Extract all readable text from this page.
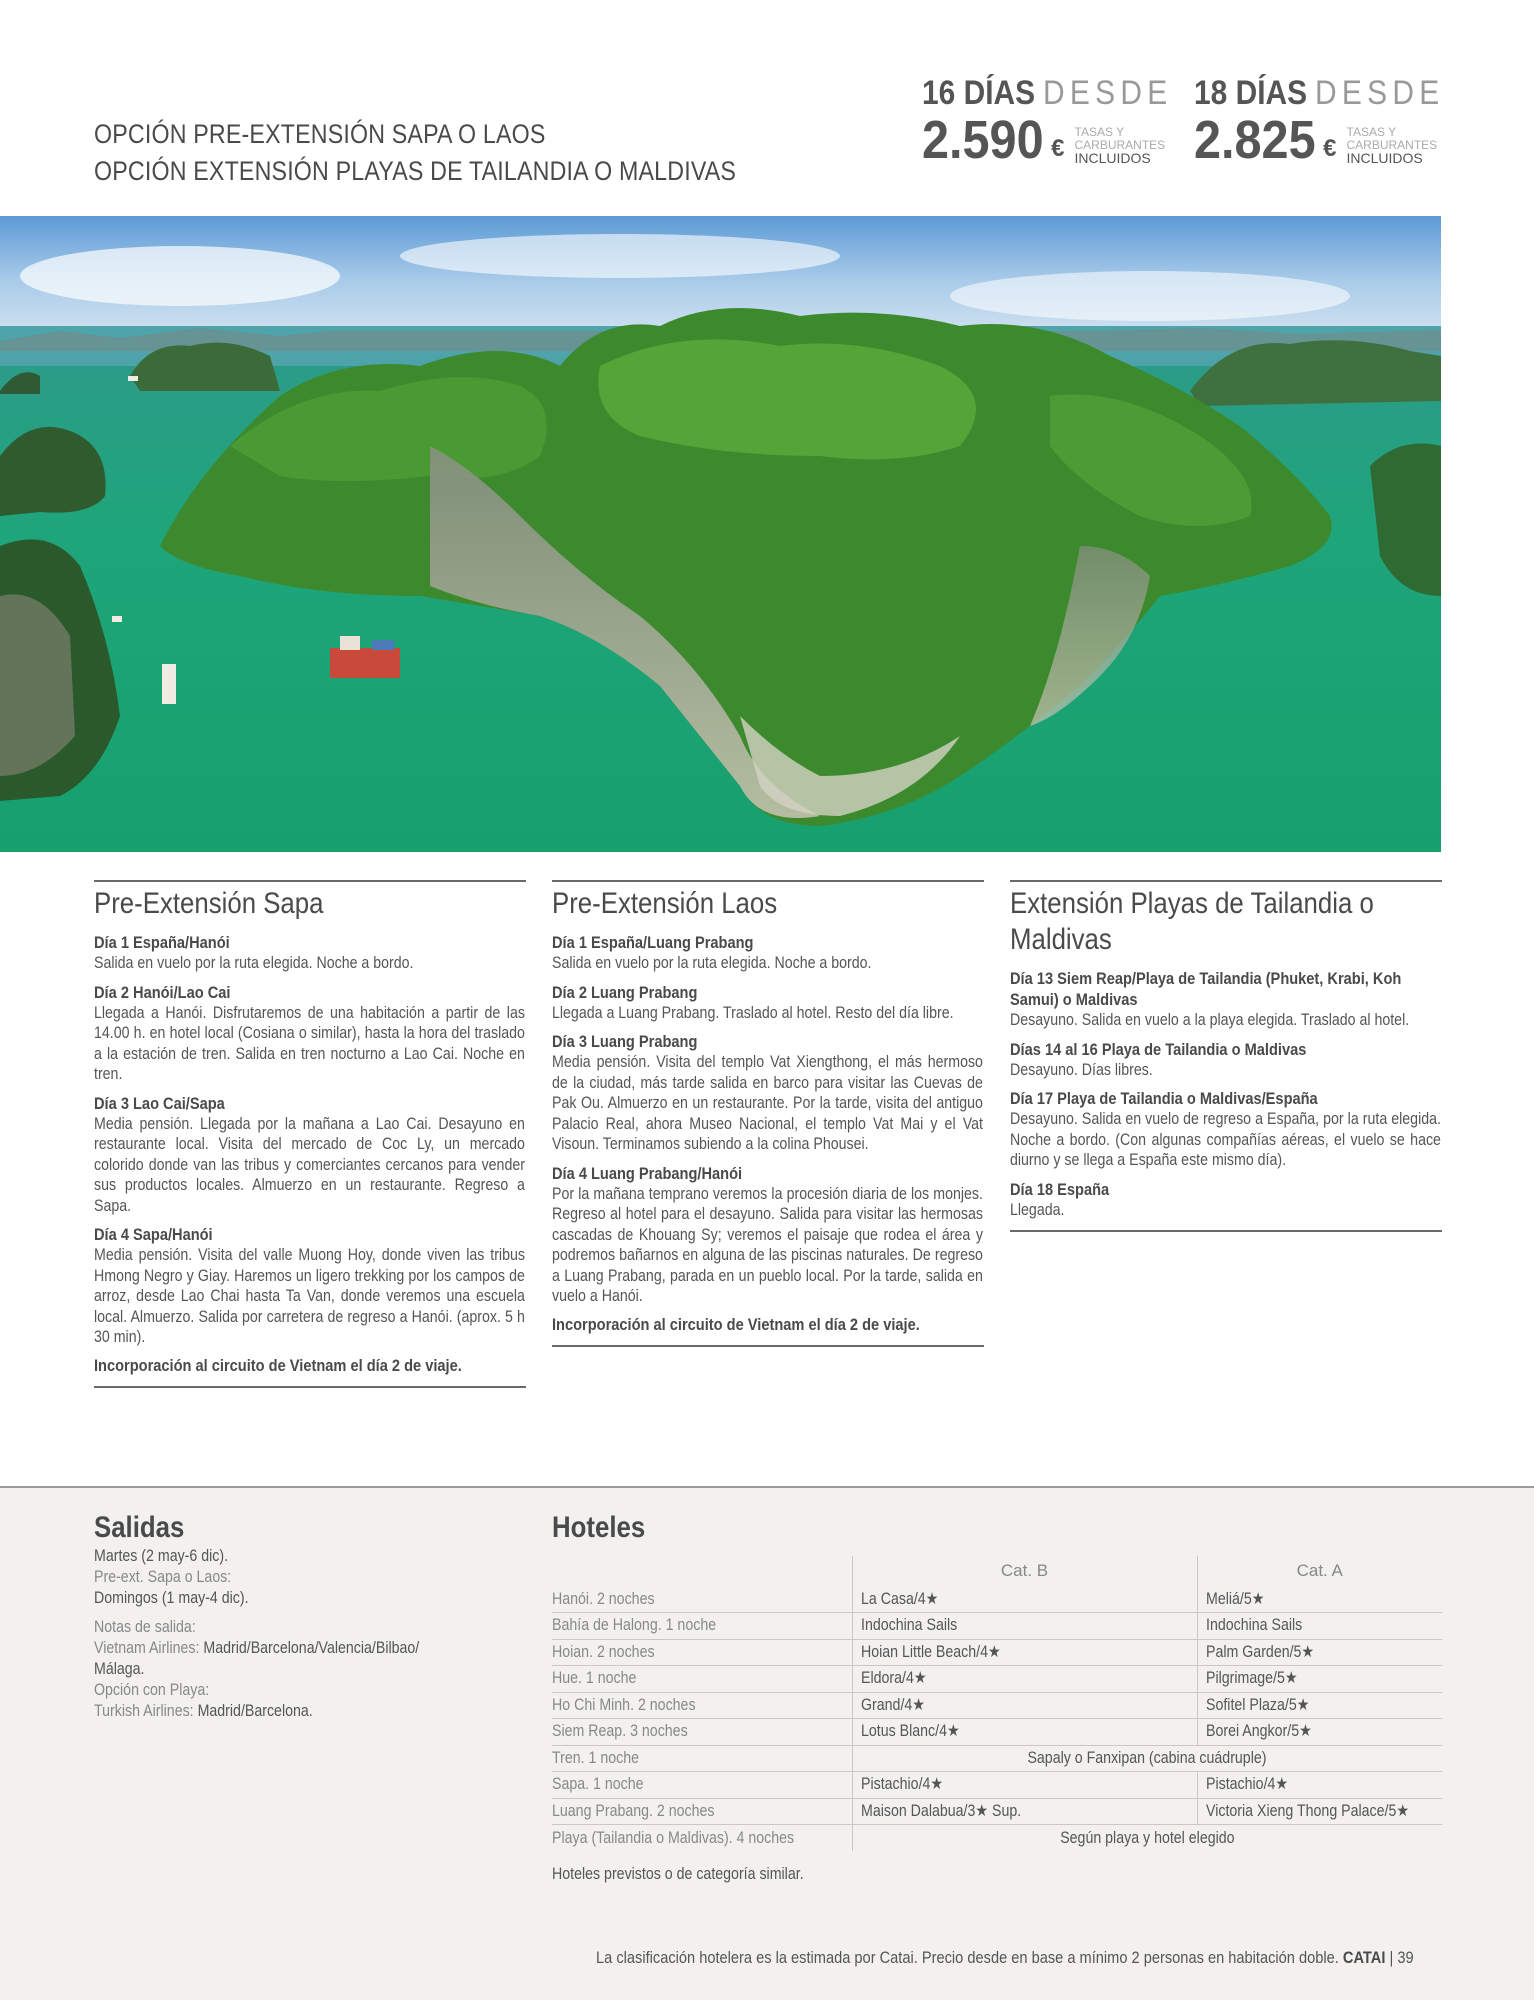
OPCIÓN PRE-EXTENSIÓN SAPA O LAOS
OPCIÓN EXTENSIÓN PLAYAS DE TAILANDIA O MALDIVAS
16 DÍAS DESDE
2.590 €
TASAS Y
CARBURANTES
INCLUIDOS
18 DÍAS DESDE
2.825 €
TASAS Y
CARBURANTES
INCLUIDOS
Pre-Extensión Sapa
Día 1 España/Hanói
Salida en vuelo por la ruta elegida. Noche a bordo.
Día 2 Hanói/Lao Cai
Llegada a Hanói. Disfrutaremos de una habitación a partir de las 14.00 h. en hotel local (Cosiana o similar), hasta la hora del traslado a la estación de tren. Salida en tren nocturno a Lao Cai. Noche en tren.
Día 3 Lao Cai/Sapa
Media pensión. Llegada por la mañana a Lao Cai. Desayuno en restaurante local. Visita del mercado de Coc Ly, un mercado colorido donde van las tribus y comerciantes cercanos para vender sus productos locales. Almuerzo en un restaurante. Regreso a Sapa.
Día 4 Sapa/Hanói
Media pensión. Visita del valle Muong Hoy, donde viven las tribus Hmong Negro y Giay. Haremos un ligero trekking por los campos de arroz, desde Lao Chai hasta Ta Van, donde veremos una escuela local. Almuerzo. Salida por carretera de regreso a Hanói. (aprox. 5 h 30 min).
Incorporación al circuito de Vietnam el día 2 de viaje.
Pre-Extensión Laos
Día 1 España/Luang Prabang
Salida en vuelo por la ruta elegida. Noche a bordo.
Día 2 Luang Prabang
Llegada a Luang Prabang. Traslado al hotel. Resto del día libre.
Día 3 Luang Prabang
Media pensión. Visita del templo Vat Xiengthong, el más hermoso de la ciudad, más tarde salida en barco para visitar las Cuevas de Pak Ou. Almuerzo en un restaurante. Por la tarde, visita del antiguo Palacio Real, ahora Museo Nacional, el templo Vat Mai y el Vat Visoun. Terminamos subiendo a la colina Phousei.
Día 4 Luang Prabang/Hanói
Por la mañana temprano veremos la procesión diaria de los monjes. Regreso al hotel para el desayuno. Salida para visitar las hermosas cascadas de Khouang Sy; veremos el paisaje que rodea el área y podremos bañarnos en alguna de las piscinas naturales. De regreso a Luang Prabang, parada en un pueblo local. Por la tarde, salida en vuelo a Hanói.
Incorporación al circuito de Vietnam el día 2 de viaje.
Extensión Playas de Tailandia o Maldivas
Día 13 Siem Reap/Playa de Tailandia (Phuket, Krabi, Koh Samui) o Maldivas
Desayuno. Salida en vuelo a la playa elegida. Traslado al hotel.
Días 14 al 16 Playa de Tailandia o Maldivas
Desayuno. Días libres.
Día 17 Playa de Tailandia o Maldivas/España
Desayuno. Salida en vuelo de regreso a España, por la ruta elegida. Noche a bordo. (Con algunas compañías aéreas, el vuelo se hace diurno y se llega a España este mismo día).
Día 18 España
Llegada.
Salidas
Martes (2 may-6 dic).
Pre-ext. Sapa o Laos:
Domingos (1 may-4 dic).
Notas de salida:
Vietnam Airlines: Madrid/Barcelona/Valencia/Bilbao/
Málaga.
Opción con Playa:
Turkish Airlines: Madrid/Barcelona.
Hoteles
	Cat. B	Cat. A
Hanói. 2 noches	La Casa/4★	Meliá/5★
Bahía de Halong. 1 noche	Indochina Sails	Indochina Sails
Hoian. 2 noches	Hoian Little Beach/4★	Palm Garden/5★
Hue. 1 noche	Eldora/4★	Pilgrimage/5★
Ho Chi Minh. 2 noches	Grand/4★	Sofitel Plaza/5★
Siem Reap. 3 noches	Lotus Blanc/4★	Borei Angkor/5★
Tren. 1 noche	Sapaly o Fanxipan (cabina cuádruple)	
Sapa. 1 noche	Pistachio/4★	Pistachio/4★
Luang Prabang. 2 noches	Maison Dalabua/3★ Sup.	Victoria Xieng Thong Palace/5★
Playa (Tailandia o Maldivas). 4 noches	Según playa y hotel elegido	
Hoteles previstos o de categoría similar.
La clasificación hotelera es la estimada por Catai. Precio desde en base a mínimo 2 personas en habitación doble. CATAI | 39
